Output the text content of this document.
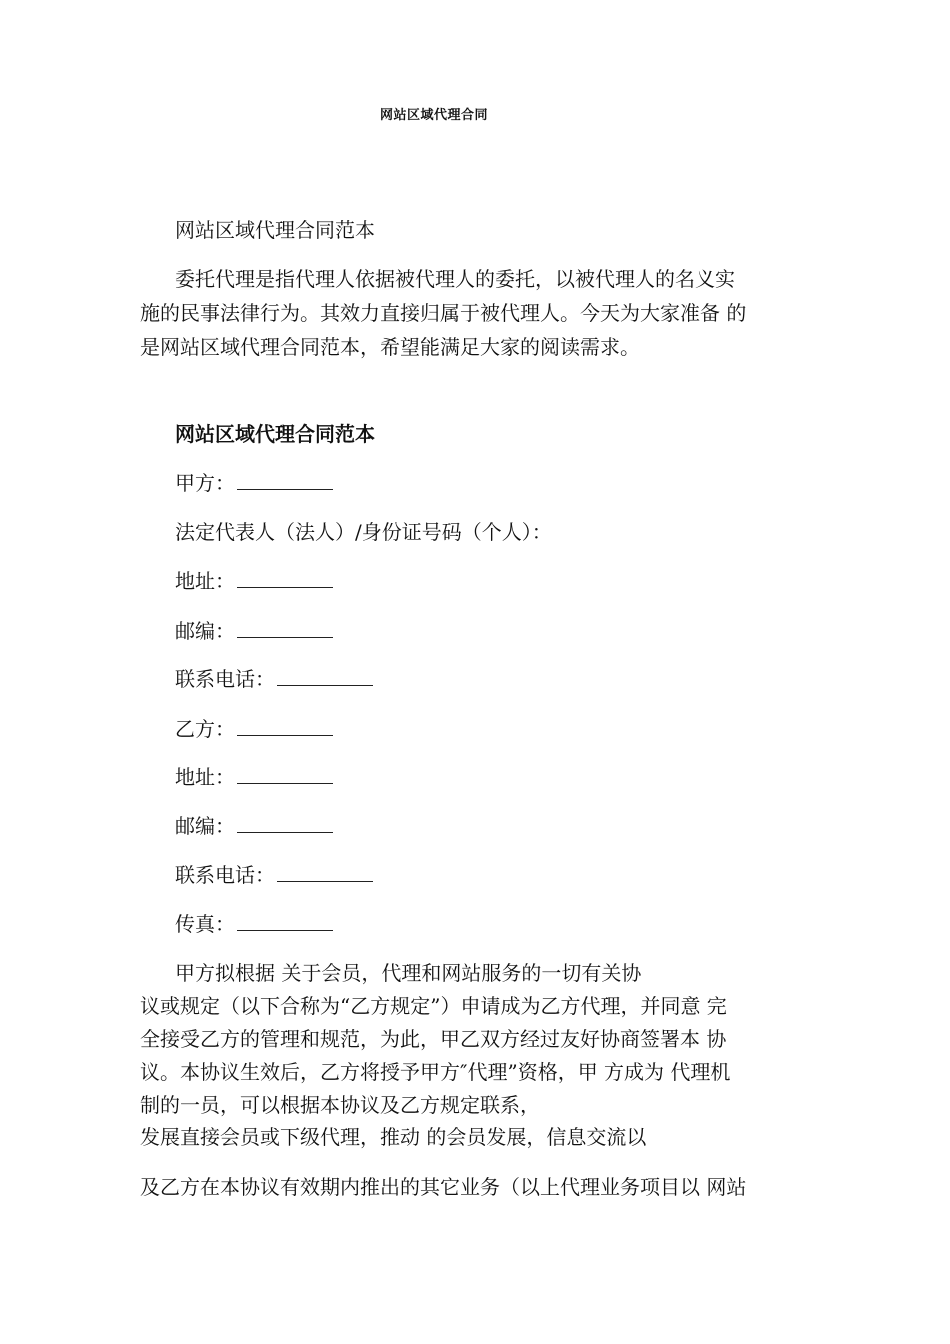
网站区域代理合同
网站区域代理合同范本
委托代理是指代理人依据被代理人的委托，以被代理人的名义实
施的民事法律行为。其效力直接归属于被代理人。今天为大家准备 的
是网站区域代理合同范本，希望能满足大家的阅读需求。
网站区域代理合同范本
甲方：
法定代表人（法人）/身份证号码（个人）：
地址：
邮编：
联系电话：
乙方：
地址：
邮编：
联系电话：
传真：
甲方拟根据 关于会员，代理和网站服务的一切有关协
议或规定（以下合称为“乙方规定”）申请成为乙方代理，并同意 完
全接受乙方的管理和规范，为此，甲乙双方经过友好协商签署本 协
议。本协议生效后，乙方将授予甲方″代理”资格，甲 方成为 代理机
制的一员，可以根据本协议及乙方规定联系，
发展直接会员或下级代理，推动 的会员发展，信息交流以
及乙方在本协议有效期内推出的其它业务（以上代理业务项目以 网站
